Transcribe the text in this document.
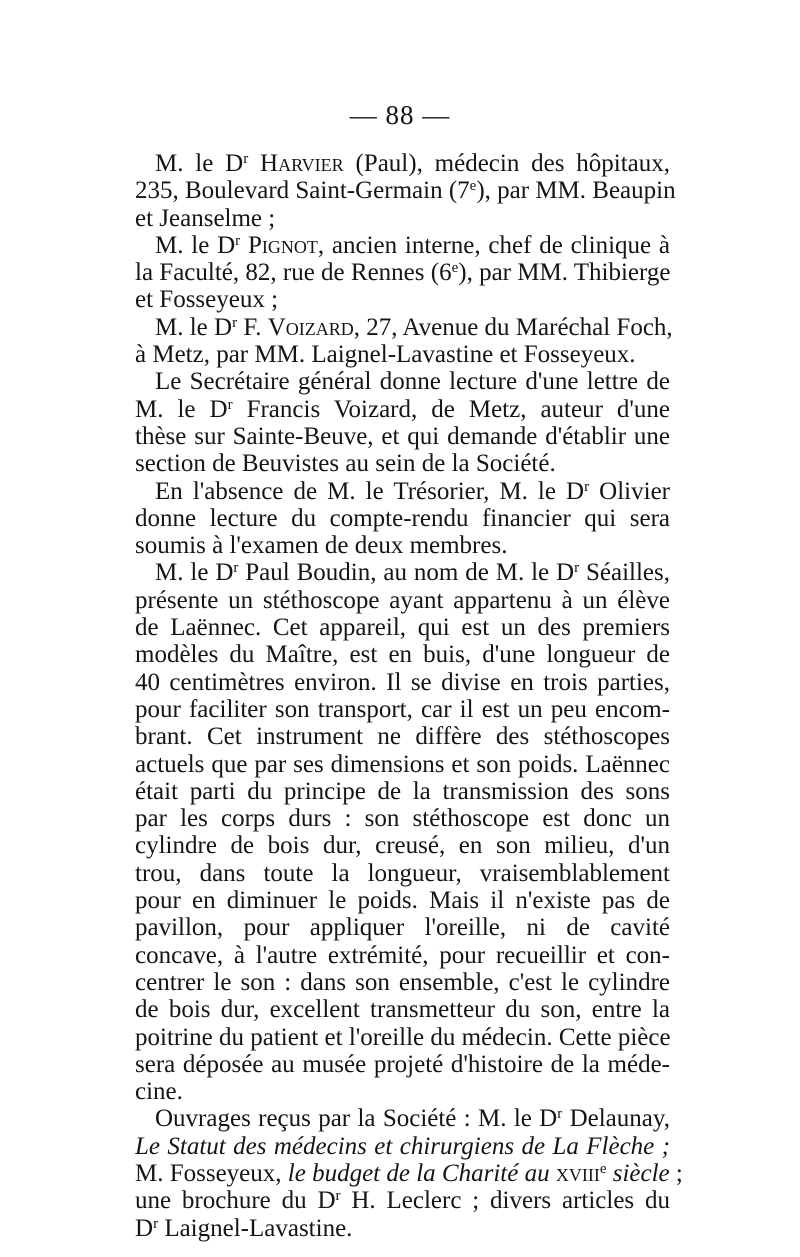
— 88 —
M. le $D^r$ Harvier (Paul), médecin des hôpitaux,
235, Boulevard Saint-Germain (7e), par MM. Beaupin
et Jeanselme ;
M. le $D^r$ Pignot, ancien interne, chef de clinique à
la Faculté, 82, rue de Rennes (6e), par MM. Thibierge
et Fosseyeux ;
M. le $D^r$ F. Voizard, 27, Avenue du Maréchal Foch,
à Metz, par MM. Laignel-Lavastine et Fosseyeux.
Le Secrétaire général donne lecture d'une lettre de
M. le $D^r$ Francis Voizard, de Metz, auteur d'une
thèse sur Sainte-Beuve, et qui demande d'établir une
section de Beuvistes au sein de la Société.
En l'absence de M. le Trésorier, M. le $D^r$ Olivier
donne lecture du compte-rendu financier qui sera
soumis à l'examen de deux membres.
M. le $D^r$ Paul Boudin, au nom de M. le $D^r$ Séailles,
présente un stéthoscope ayant appartenu à un élève
de Laënnec. Cet appareil, qui est un des premiers
modèles du Maître, est en buis, d'une longueur de
40 centimètres environ. Il se divise en trois parties,
pour faciliter son transport, car il est un peu encom-
brant. Cet instrument ne diffère des stéthoscopes
actuels que par ses dimensions et son poids. Laënnec
était parti du principe de la transmission des sons
par les corps durs : son stéthoscope est donc un
cylindre de bois dur, creusé, en son milieu, d'un
trou, dans toute la longueur, vraisemblablement
pour en diminuer le poids. Mais il n'existe pas de
pavillon, pour appliquer l'oreille, ni de cavité
concave, à l'autre extrémité, pour recueillir et con-
centrer le son : dans son ensemble, c'est le cylindre
de bois dur, excellent transmetteur du son, entre la
poitrine du patient et l'oreille du médecin. Cette pièce
sera déposée au musée projeté d'histoire de la méde-
cine.
Ouvrages reçus par la Société : M. le $D^r$ Delaunay,
Le Statut des médecins et chirurgiens de La Flèche ;
M. Fosseyeux, le budget de la Charité au xviii$^e$ siècle ;
une brochure du $D^r$ H. Leclerc ; divers articles du
$D^r$ Laignel-Lavastine.
